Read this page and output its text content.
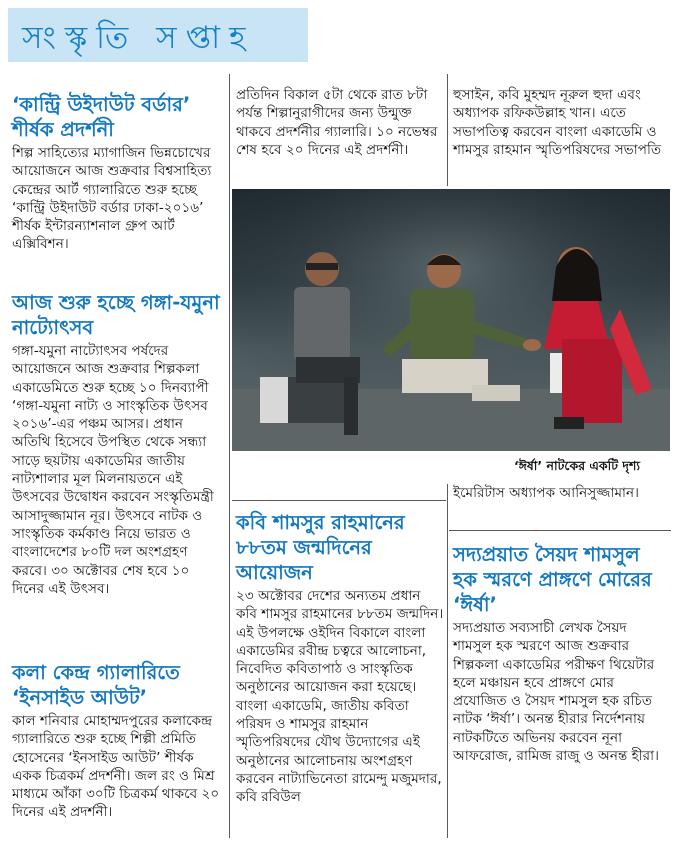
সংস্কৃতি সপ্তাহ
‘কান্ট্রি উইদাউট বর্ডার’ শীর্ষক প্রদর্শনী

শিল্প সাহিত্যের ম্যাগাজিন ভিন্নচোখের আয়োজনে আজ শুক্রবার বিশ্বসাহিত্য কেন্দ্রের আর্ট গ্যালারিতে শুরু হচ্ছে ‘কান্ট্রি উইদাউট বর্ডার ঢাকা-২০১৬’ শীর্ষক ইন্টারন্যাশনাল গ্রুপ আর্ট এক্সিবিশন।

আজ শুরু হচ্ছে গঙ্গা-যমুনা নাট্যোৎসব

গঙ্গা-যমুনা নাট্যোৎসব পর্ষদের আয়োজনে আজ শুক্রবার শিল্পকলা একাডেমিতে শুরু হচ্ছে ১০ দিনব্যাপী ‘গঙ্গা-যমুনা নাট্য ও সাংস্কৃতিক উৎসব ২০১৬’-এর পঞ্চম আসর। প্রধান অতিথি হিসেবে উপস্থিত থেকে সন্ধ্যা সাড়ে ছয়টায় একাডেমির জাতীয় নাট্যশালার মূল মিলনায়তনে এই উৎসবের উদ্বোধন করবেন সংস্কৃতিমন্ত্রী আসাদুজ্জামান নূর। উৎসবে নাটক ও সাংস্কৃতিক কর্মকাণ্ড নিয়ে ভারত ও বাংলাদেশের ৮০টি দল অংশগ্রহণ করবে। ৩০ অক্টোবর শেষ হবে ১০ দিনের এই উৎসব।

কলা কেন্দ্র গ্যালারিতে ‘ইনসাইড আউট’

কাল শনিবার মোহাম্মদপুরের কলাকেন্দ্র গ্যালারিতে শুরু হচ্ছে শিল্পী প্রমিতি হোসেনের ‘ইনসাইড আউট’ শীর্ষক একক চিত্রকর্ম প্রদর্শনী। জল রং ও মিশ্র মাধ্যমে আঁকা ৩০টি চিত্রকর্ম থাকবে ২০ দিনের এই প্রদর্শনী।

প্রতিদিন বিকাল ৫টা থেকে রাত ৮টা পর্যন্ত শিল্পানুরাগীদের জন্য উন্মুক্ত থাকবে প্রদর্শনীর গ্যালারি। ১০ নভেম্বর শেষ হবে ২০ দিনের এই প্রদর্শনী।

হুসাইন, কবি মুহম্মদ নূরুল হুদা এবং অধ্যাপক রফিকউল্লাহ খান। এতে সভাপতিত্ব করবেন বাংলা একাডেমি ও শামসুর রাহমান স্মৃতিপরিষদের সভাপতি

‘ঈর্ষা’ নাটকের একটি দৃশ্য
কবি শামসুর রাহমানের ৮৮তম জন্মদিনের আয়োজন

২৩ অক্টোবর দেশের অন্যতম প্রধান কবি শামসুর রাহমানের ৮৮তম জন্মদিন। এই উপলক্ষে ওইদিন বিকালে বাংলা একাডেমির রবীন্দ্র চত্বরে আলোচনা, নিবেদিত কবিতাপাঠ ও সাংস্কৃতিক অনুষ্ঠানের আয়োজন করা হয়েছে। বাংলা একাডেমি, জাতীয় কবিতা পরিষদ ও শামসুর রাহমান স্মৃতিপরিষদের যৌথ উদ্যোগের এই অনুষ্ঠানের আলোচনায় অংশগ্রহণ করবেন নাট্যাভিনেতা রামেন্দু মজুমদার, কবি রবিউল

ইমেরিটাস অধ্যাপক আনিসুজ্জামান।

সদ্যপ্রয়াত সৈয়দ শামসুল হক স্মরণে প্রাঙ্গণে মোরের ‘ঈর্ষা’

সদ্যপ্রয়াত সব্যসাচী লেখক সৈয়দ শামসুল হক স্মরণে আজ শুক্রবার শিল্পকলা একাডেমির পরীক্ষণ থিয়েটার হলে মঞ্চায়ন হবে প্রাঙ্গণে মোর প্রযোজিত ও সৈয়দ শামসুল হক রচিত নাটক ‘ঈর্ষা’। অনন্ত হীরার নির্দেশনায় নাটকটিতে অভিনয় করবেন নূনা আফরোজ, রামিজ রাজু ও অনন্ত হীরা।
